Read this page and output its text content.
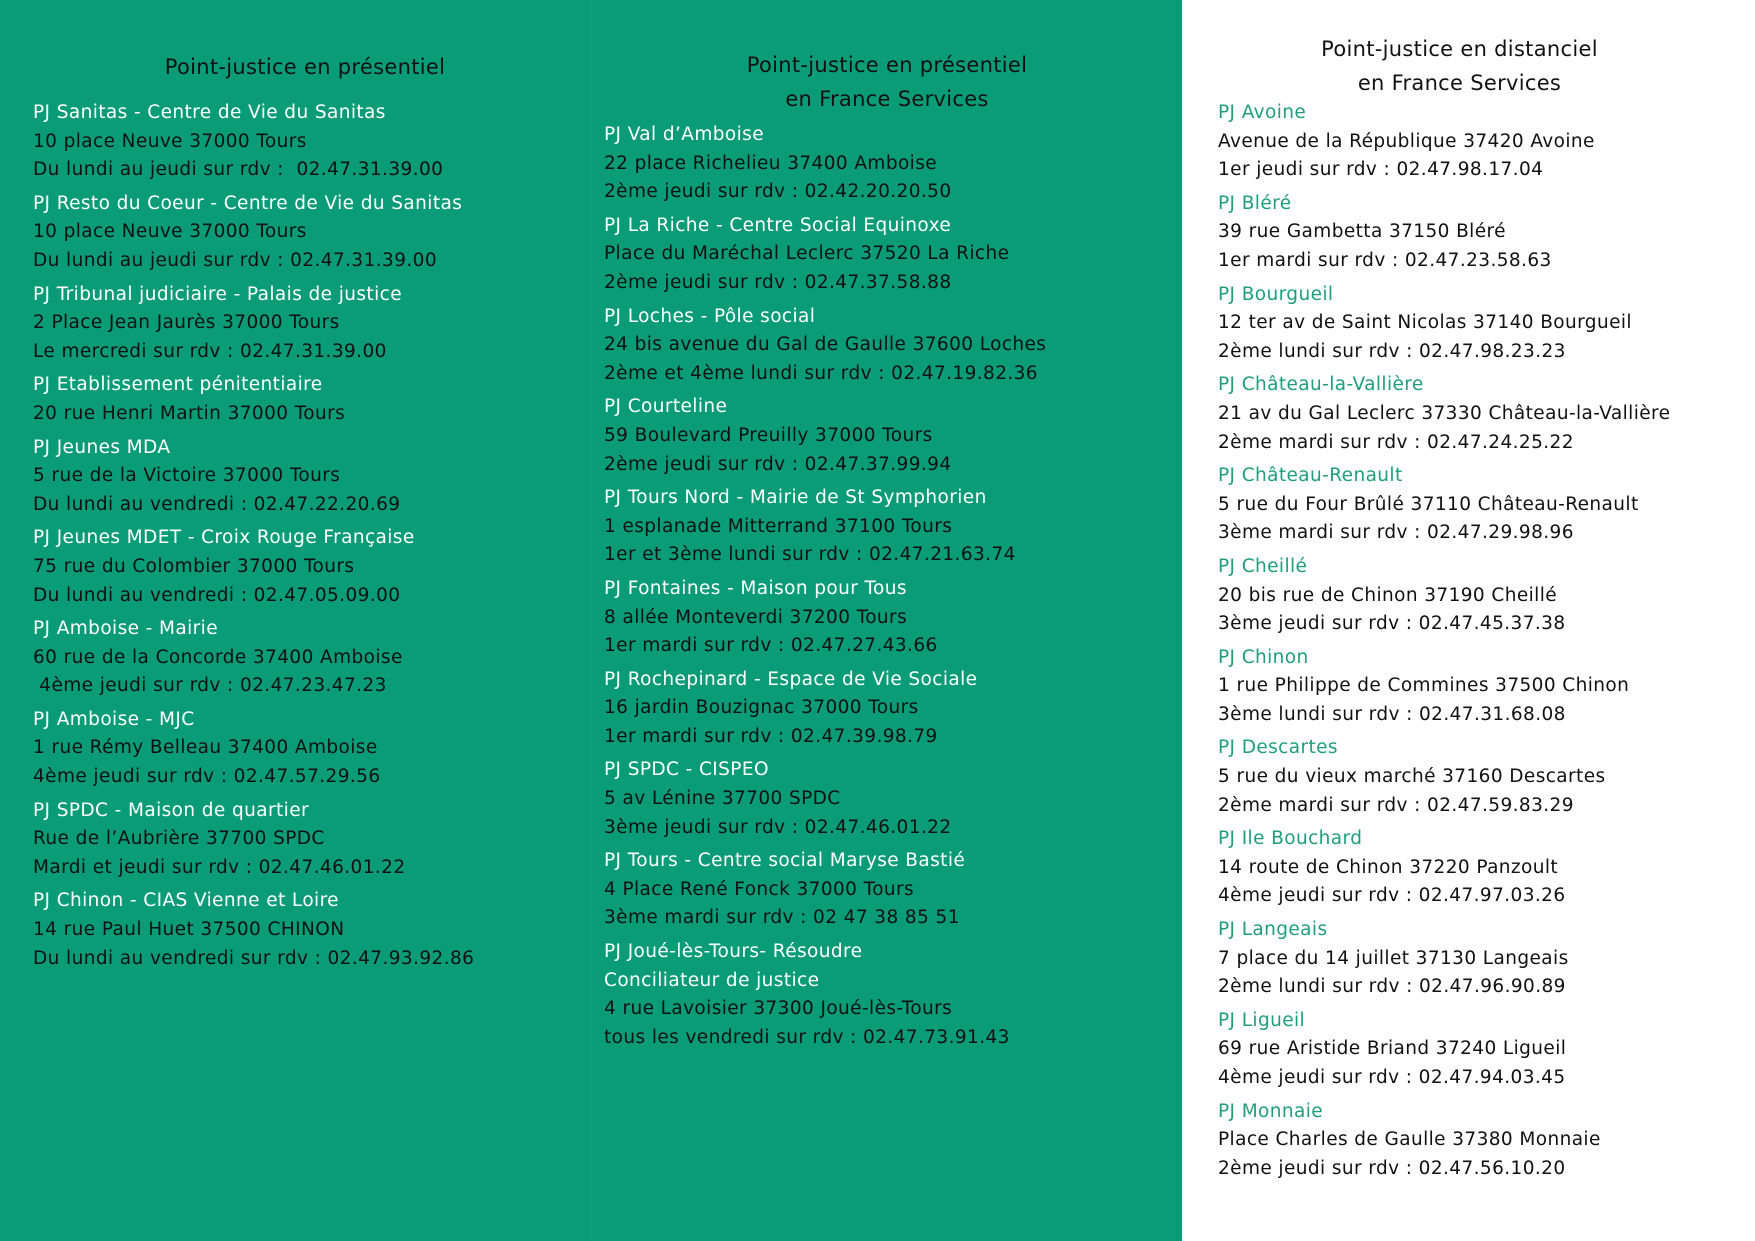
Point-justice en présentiel
PJ Sanitas - Centre de Vie du Sanitas
10 place Neuve 37000 Tours
Du lundi au jeudi sur rdv :  02.47.31.39.00
PJ Resto du Coeur - Centre de Vie du Sanitas
10 place Neuve 37000 Tours
Du lundi au jeudi sur rdv : 02.47.31.39.00
PJ Tribunal judiciaire - Palais de justice
2 Place Jean Jaurès 37000 Tours
Le mercredi sur rdv : 02.47.31.39.00
PJ Etablissement pénitentiaire
20 rue Henri Martin 37000 Tours
PJ Jeunes MDA
5 rue de la Victoire 37000 Tours
Du lundi au vendredi : 02.47.22.20.69
PJ Jeunes MDET - Croix Rouge Française
75 rue du Colombier 37000 Tours
Du lundi au vendredi : 02.47.05.09.00
PJ Amboise - Mairie
60 rue de la Concorde 37400 Amboise
4ème jeudi sur rdv : 02.47.23.47.23
PJ Amboise - MJC
1 rue Rémy Belleau 37400 Amboise
4ème jeudi sur rdv : 02.47.57.29.56
PJ SPDC - Maison de quartier
Rue de l’Aubrière 37700 SPDC
Mardi et jeudi sur rdv : 02.47.46.01.22
PJ Chinon - CIAS Vienne et Loire
14 rue Paul Huet 37500 CHINON
Du lundi au vendredi sur rdv : 02.47.93.92.86
Point-justice en présentiel
en France Services
PJ Val d’Amboise
22 place Richelieu 37400 Amboise
2ème jeudi sur rdv : 02.42.20.20.50
PJ La Riche - Centre Social Equinoxe
Place du Maréchal Leclerc 37520 La Riche
2ème jeudi sur rdv : 02.47.37.58.88
PJ Loches - Pôle social
24 bis avenue du Gal de Gaulle 37600 Loches
2ème et 4ème lundi sur rdv : 02.47.19.82.36
PJ Courteline
59 Boulevard Preuilly 37000 Tours
2ème jeudi sur rdv : 02.47.37.99.94
PJ Tours Nord - Mairie de St Symphorien
1 esplanade Mitterrand 37100 Tours
1er et 3ème lundi sur rdv : 02.47.21.63.74
PJ Fontaines - Maison pour Tous
8 allée Monteverdi 37200 Tours
1er mardi sur rdv : 02.47.27.43.66
PJ Rochepinard - Espace de Vie Sociale
16 jardin Bouzignac 37000 Tours
1er mardi sur rdv : 02.47.39.98.79
PJ SPDC - CISPEO
5 av Lénine 37700 SPDC
3ème jeudi sur rdv : 02.47.46.01.22
PJ Tours - Centre social Maryse Bastié
4 Place René Fonck 37000 Tours
3ème mardi sur rdv : 02 47 38 85 51
PJ Joué-lès-Tours- Résoudre
Conciliateur de justice
4 rue Lavoisier 37300 Joué-lès-Tours
tous les vendredi sur rdv : 02.47.73.91.43
Point-justice en distanciel
en France Services
PJ Avoine
Avenue de la République 37420 Avoine
1er jeudi sur rdv : 02.47.98.17.04
PJ Bléré
39 rue Gambetta 37150 Bléré
1er mardi sur rdv : 02.47.23.58.63
PJ Bourgueil
12 ter av de Saint Nicolas 37140 Bourgueil
2ème lundi sur rdv : 02.47.98.23.23
PJ Château-la-Vallière
21 av du Gal Leclerc 37330 Château-la-Vallière
2ème mardi sur rdv : 02.47.24.25.22
PJ Château-Renault
5 rue du Four Brûlé 37110 Château-Renault
3ème mardi sur rdv : 02.47.29.98.96
PJ Cheillé
20 bis rue de Chinon 37190 Cheillé
3ème jeudi sur rdv : 02.47.45.37.38
PJ Chinon
1 rue Philippe de Commines 37500 Chinon
3ème lundi sur rdv : 02.47.31.68.08
PJ Descartes
5 rue du vieux marché 37160 Descartes
2ème mardi sur rdv : 02.47.59.83.29
PJ Ile Bouchard
14 route de Chinon 37220 Panzoult
4ème jeudi sur rdv : 02.47.97.03.26
PJ Langeais
7 place du 14 juillet 37130 Langeais
2ème lundi sur rdv : 02.47.96.90.89
PJ Ligueil
69 rue Aristide Briand 37240 Ligueil
4ème jeudi sur rdv : 02.47.94.03.45
PJ Monnaie
Place Charles de Gaulle 37380 Monnaie
2ème jeudi sur rdv : 02.47.56.10.20
